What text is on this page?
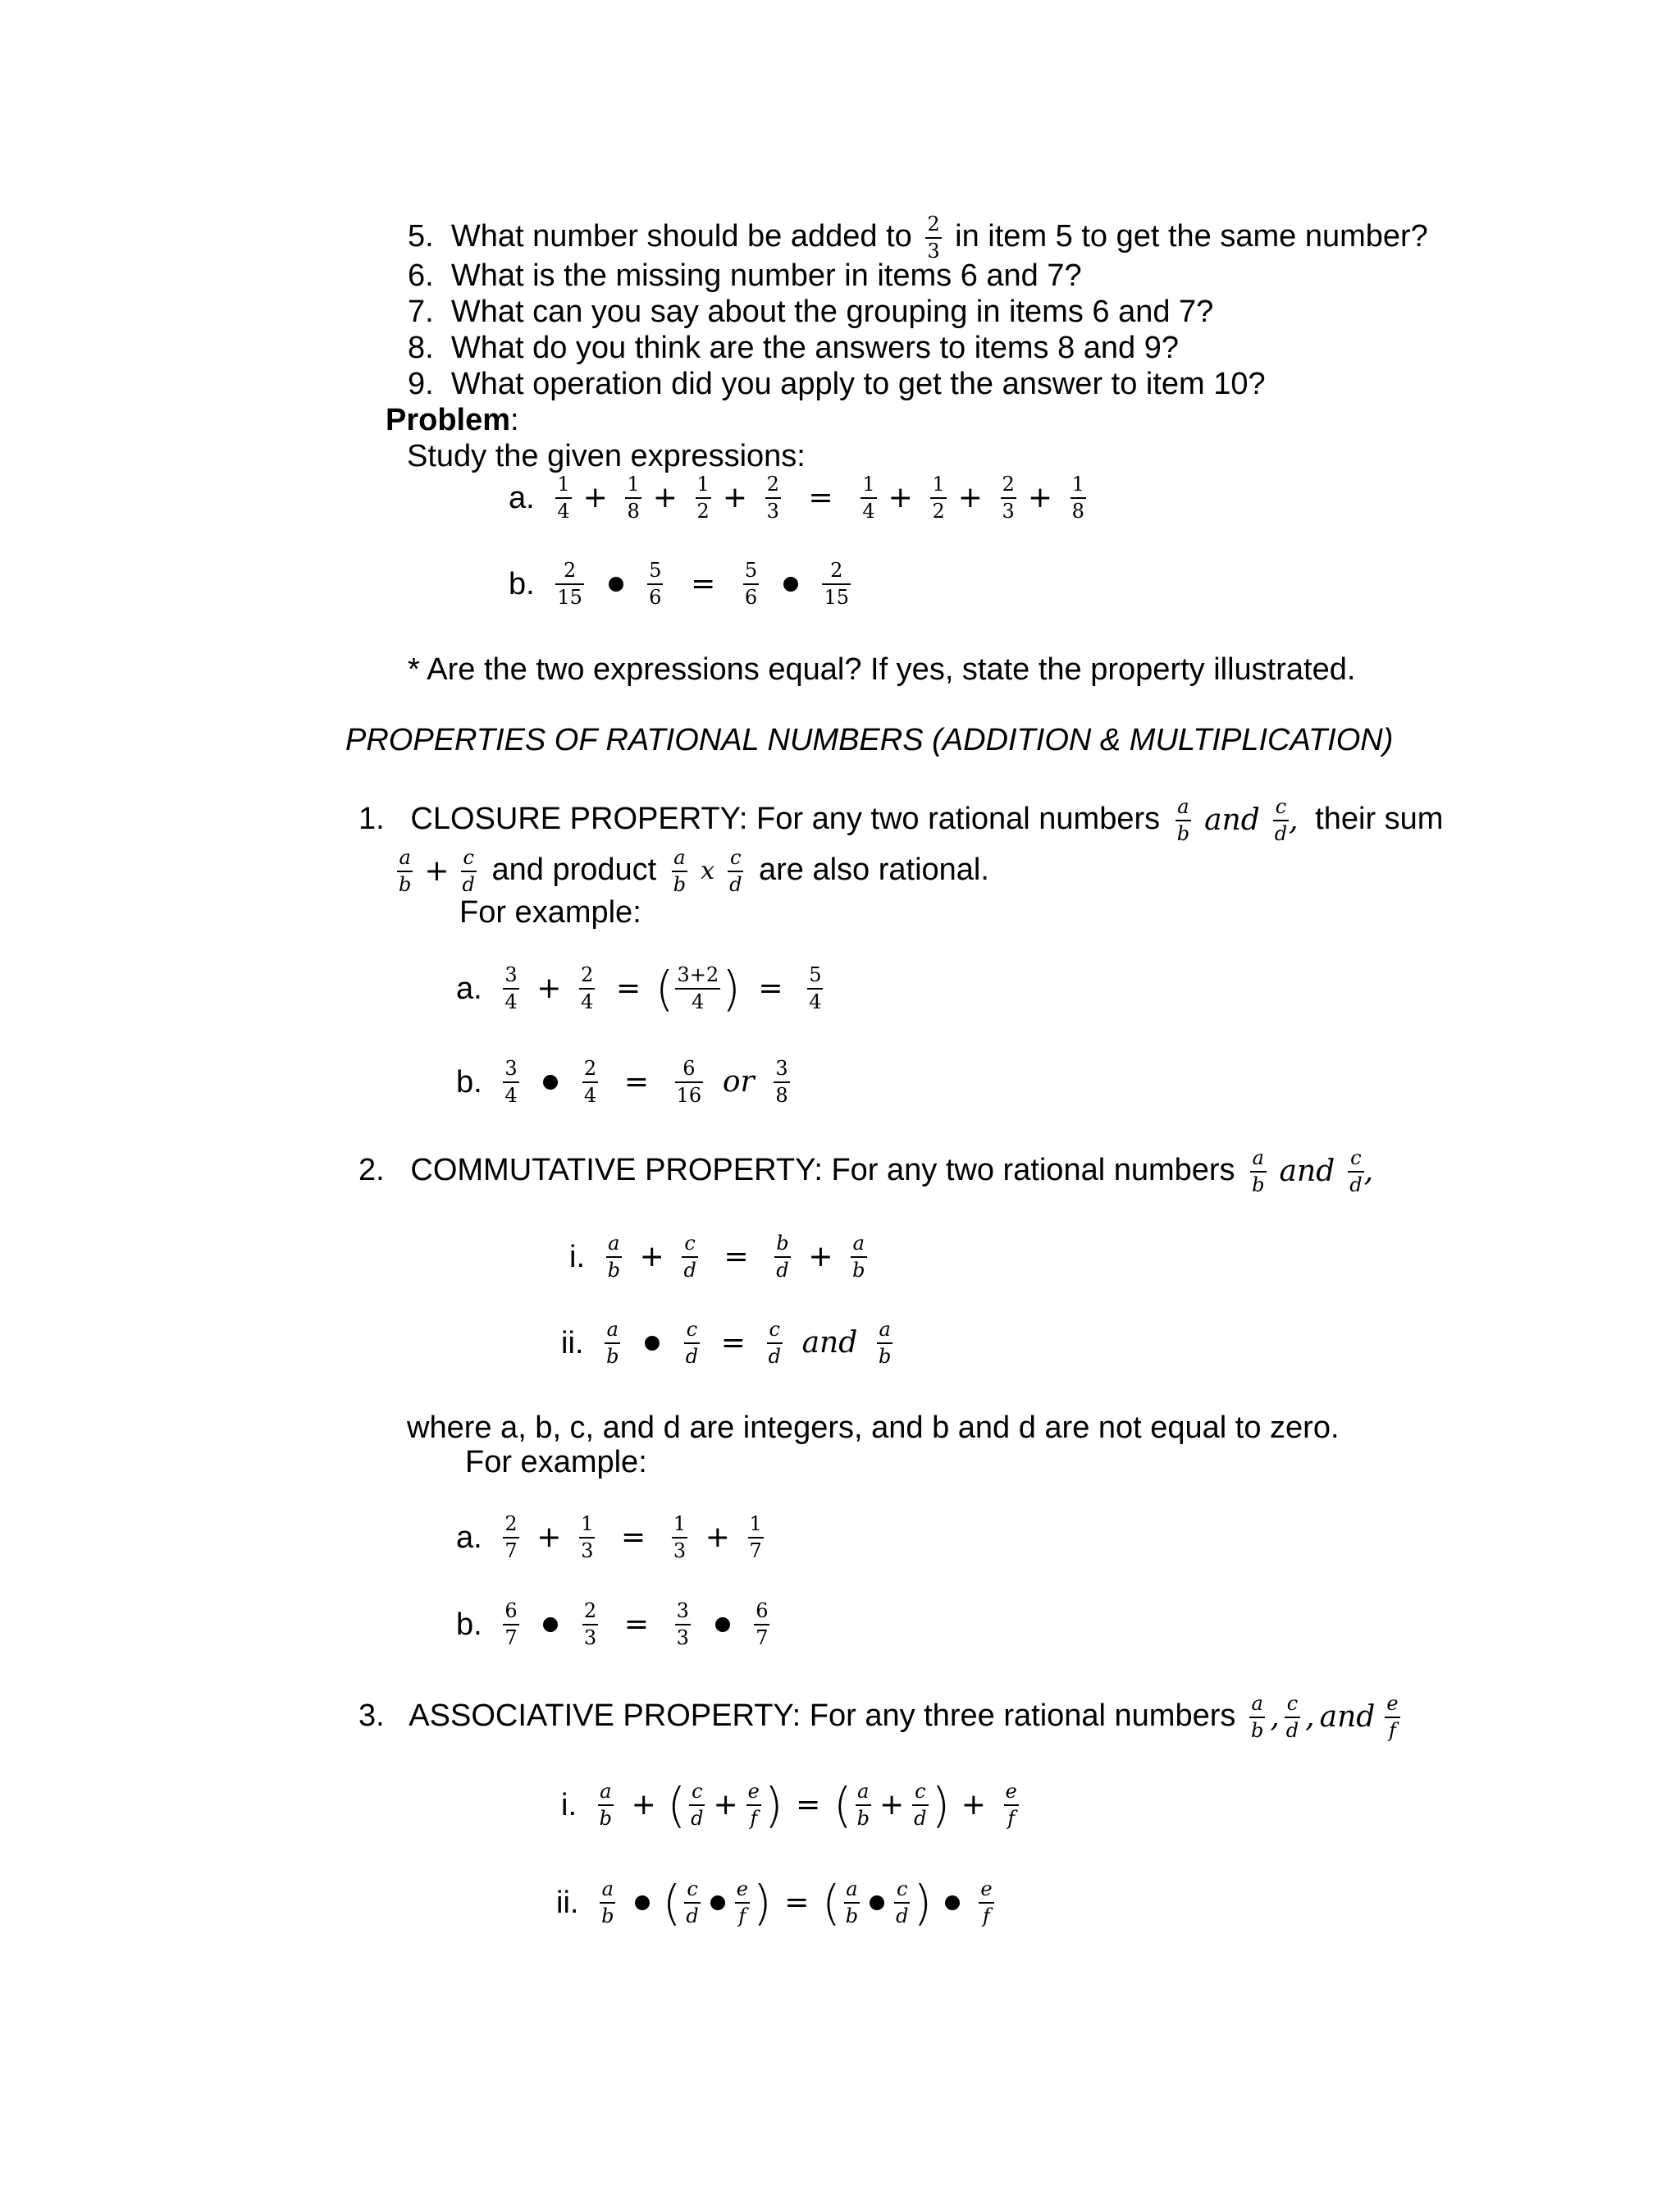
5. What number should be added to $\frac{2}{3}$ in item 5 to get the same number?
6. What is the missing number in items 6 and 7?
7. What can you say about the grouping in items 6 and 7?
8. What do you think are the answers to items 8 and 9?
9. What operation did you apply to get the answer to item 10?
Problem:
Study the given expressions:
a. $\frac{1}{4} + \frac{1}{8} + \frac{1}{2} + \frac{2}{3} = \frac{1}{4} + \frac{1}{2} + \frac{2}{3} + \frac{1}{8}$
b. $\frac{2}{15}$
	$\frac{5}{6} = \frac{5}{6}$
	$\frac{2}{15}$
* Are the two expressions equal? If yes, state the property illustrated.
PROPERTIES OF RATIONAL NUMBERS (ADDITION & MULTIPLICATION)
1. CLOSURE PROPERTY: For any two rational numbers $\frac{a}{b}$ and $\frac{c}{d}$ , their sum
$\frac{a}{b} + \frac{c}{d}$ and product $\frac{a}{b}$ x $\frac{c}{d}$ are also rational.
For example:
a. $\frac{3}{4} + \frac{2}{4}$ = ( $\frac{3+2}{4}$ ) = $\frac{5}{4}$
b. $\frac{3}{4}$
	$\frac{2}{4} = \frac{6}{16}$ or $\frac{3}{8}$
2. COMMUTATIVE PROPERTY: For any two rational numbers $\frac{a}{b}$ and $\frac{c}{d}$ ,
i. $\frac{a}{b} + \frac{c}{d} = \frac{b}{d} + \frac{a}{b}$
ii. $\frac{a}{b}$
	$\frac{c}{d} = \frac{c}{d}$ and $\frac{a}{b}$
where a, b, c, and d are integers, and b and d are not equal to zero.
For example:
a. $\frac{2}{7} + \frac{1}{3} = \frac{1}{3} + \frac{1}{7}$
b. $\frac{6}{7}$
	$\frac{2}{3} = \frac{3}{3}$
	$\frac{6}{7}$
3. ASSOCIATIVE PROPERTY: For any three rational numbers $\frac{a}{b}$ , $\frac{c}{d}$ , and $\frac{e}{f}$
i. $\frac{a}{b}$ + ( $\frac{c}{d} + \frac{e}{f}$ ) = ( $\frac{a}{b} + \frac{c}{d}$ ) + $\frac{e}{f}$
ii. $\frac{a}{b}$ ( $\frac{c}{d} \frac{e}{f}$ ) = ( $\frac{a}{b} \frac{c}{d}$ ) $\frac{e}{f}$
